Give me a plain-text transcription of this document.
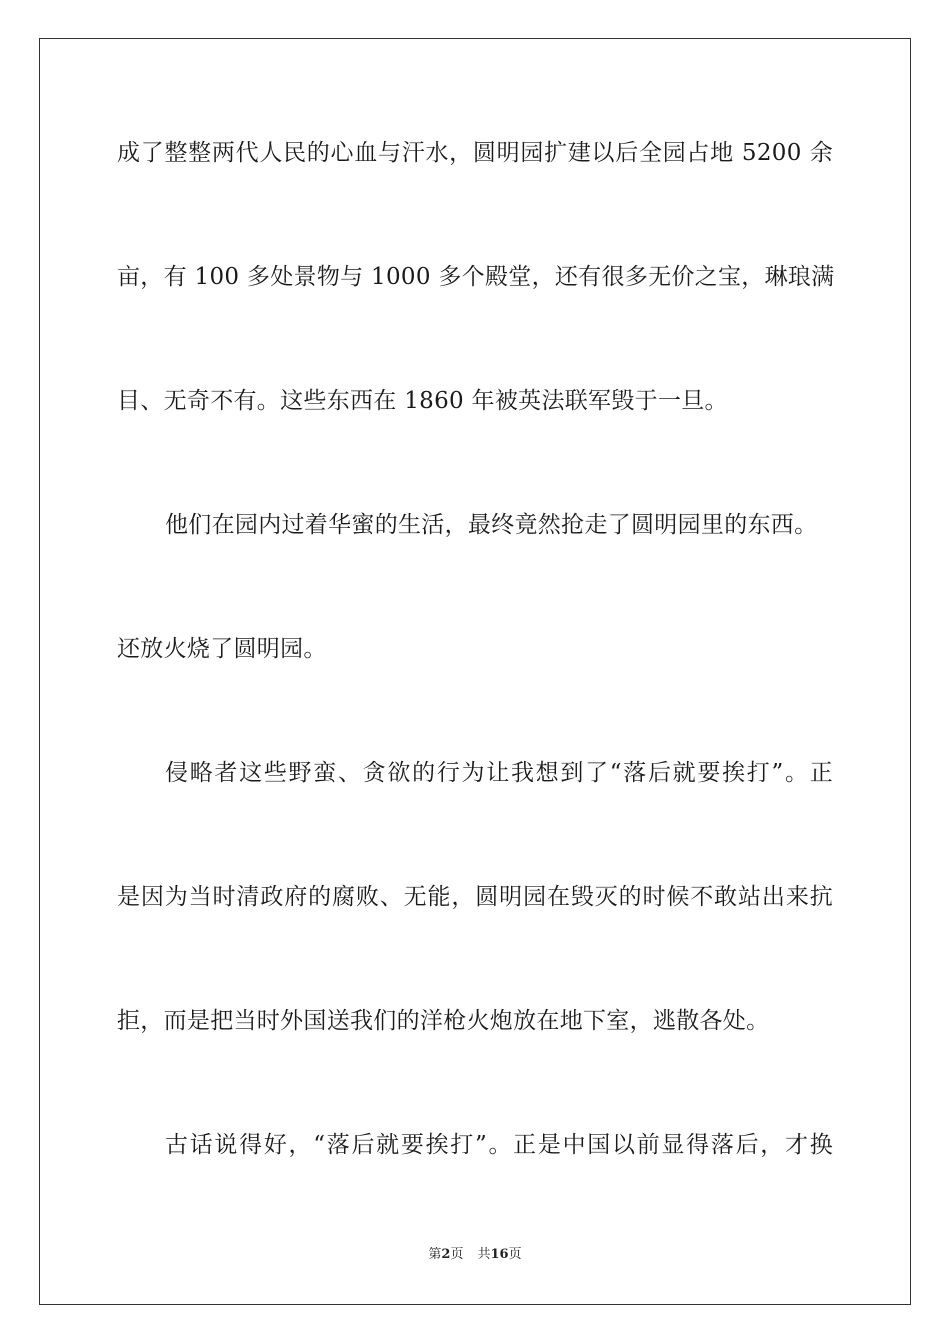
成了整整两代人民的心血与汗水，圆明园扩建以后全园占地 5200 余
亩，有 100 多处景物与 1000 多个殿堂，还有很多无价之宝，琳琅满
目、无奇不有。这些东西在 1860 年被英法联军毁于一旦。
他们在园内过着华蜜的生活，最终竟然抢走了圆明园里的东西。
还放火烧了圆明园。
侵略者这些野蛮、贪欲的行为让我想到了“落后就要挨打”。正
是因为当时清政府的腐败、无能，圆明园在毁灭的时候不敢站出来抗
拒，而是把当时外国送我们的洋枪火炮放在地下室，逃散各处。
古话说得好，“落后就要挨打”。正是中国以前显得落后，才换
第2页 共16页
